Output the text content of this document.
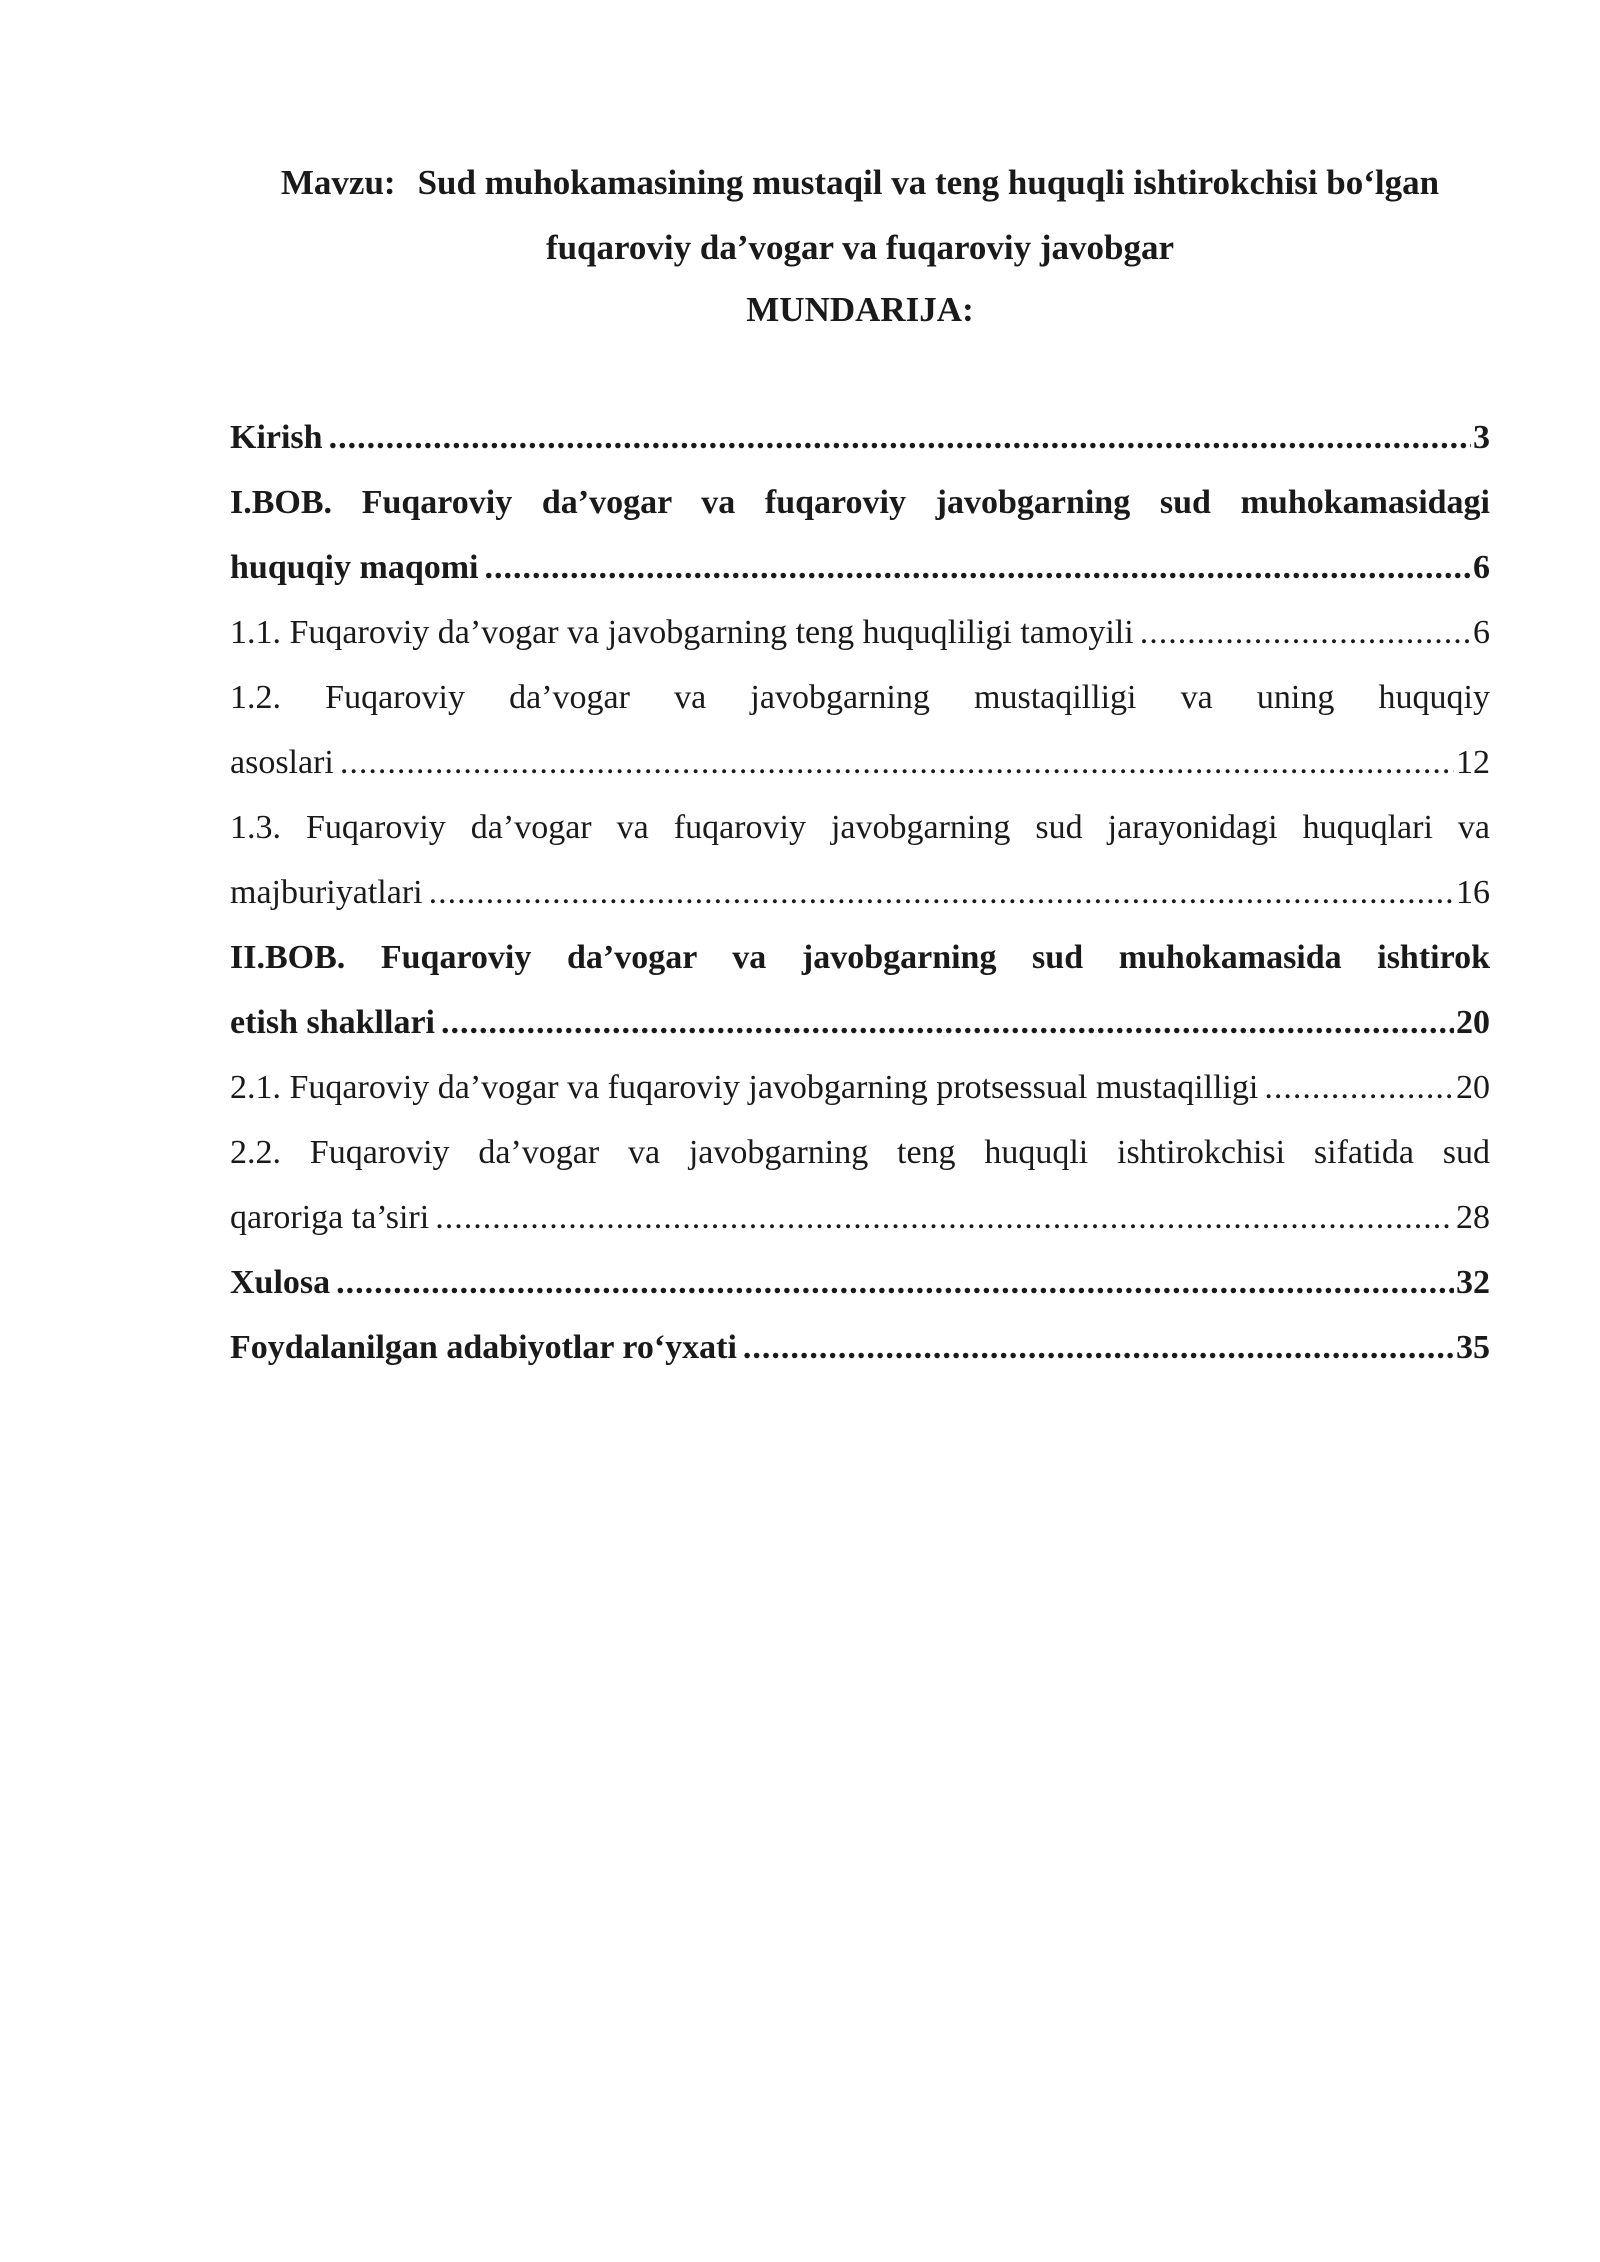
Mavzu: Sud muhokamasining mustaqil va teng huquqli ishtirokchisi bo‘lgan
fuqaroviy da’vogar va fuqaroviy javobgar
MUNDARIJA:
Kirish .....	3
I.BOB. Fuqaroviy da’vogar va fuqaroviy javobgarning sud muhokamasidagi
huquqiy maqomi .....	6
1.1. Fuqaroviy da’vogar va javobgarning teng huquqliligi tamoyili .....	6
1.2. Fuqaroviy da’vogar va javobgarning mustaqilligi va uning huquqiy
asoslari .....	12
1.3. Fuqaroviy da’vogar va fuqaroviy javobgarning sud jarayonidagi huquqlari va
majburiyatlari .....	16
II.BOB. Fuqaroviy da’vogar va javobgarning sud muhokamasida ishtirok
etish shakllari .....	20
2.1. Fuqaroviy da’vogar va fuqaroviy javobgarning protsessual mustaqilligi .....	20
2.2. Fuqaroviy da’vogar va javobgarning teng huquqli ishtirokchisi sifatida sud
qaroriga ta’siri .....	28
Xulosa .....	32
Foydalanilgan adabiyotlar ro‘yxati .....	35
